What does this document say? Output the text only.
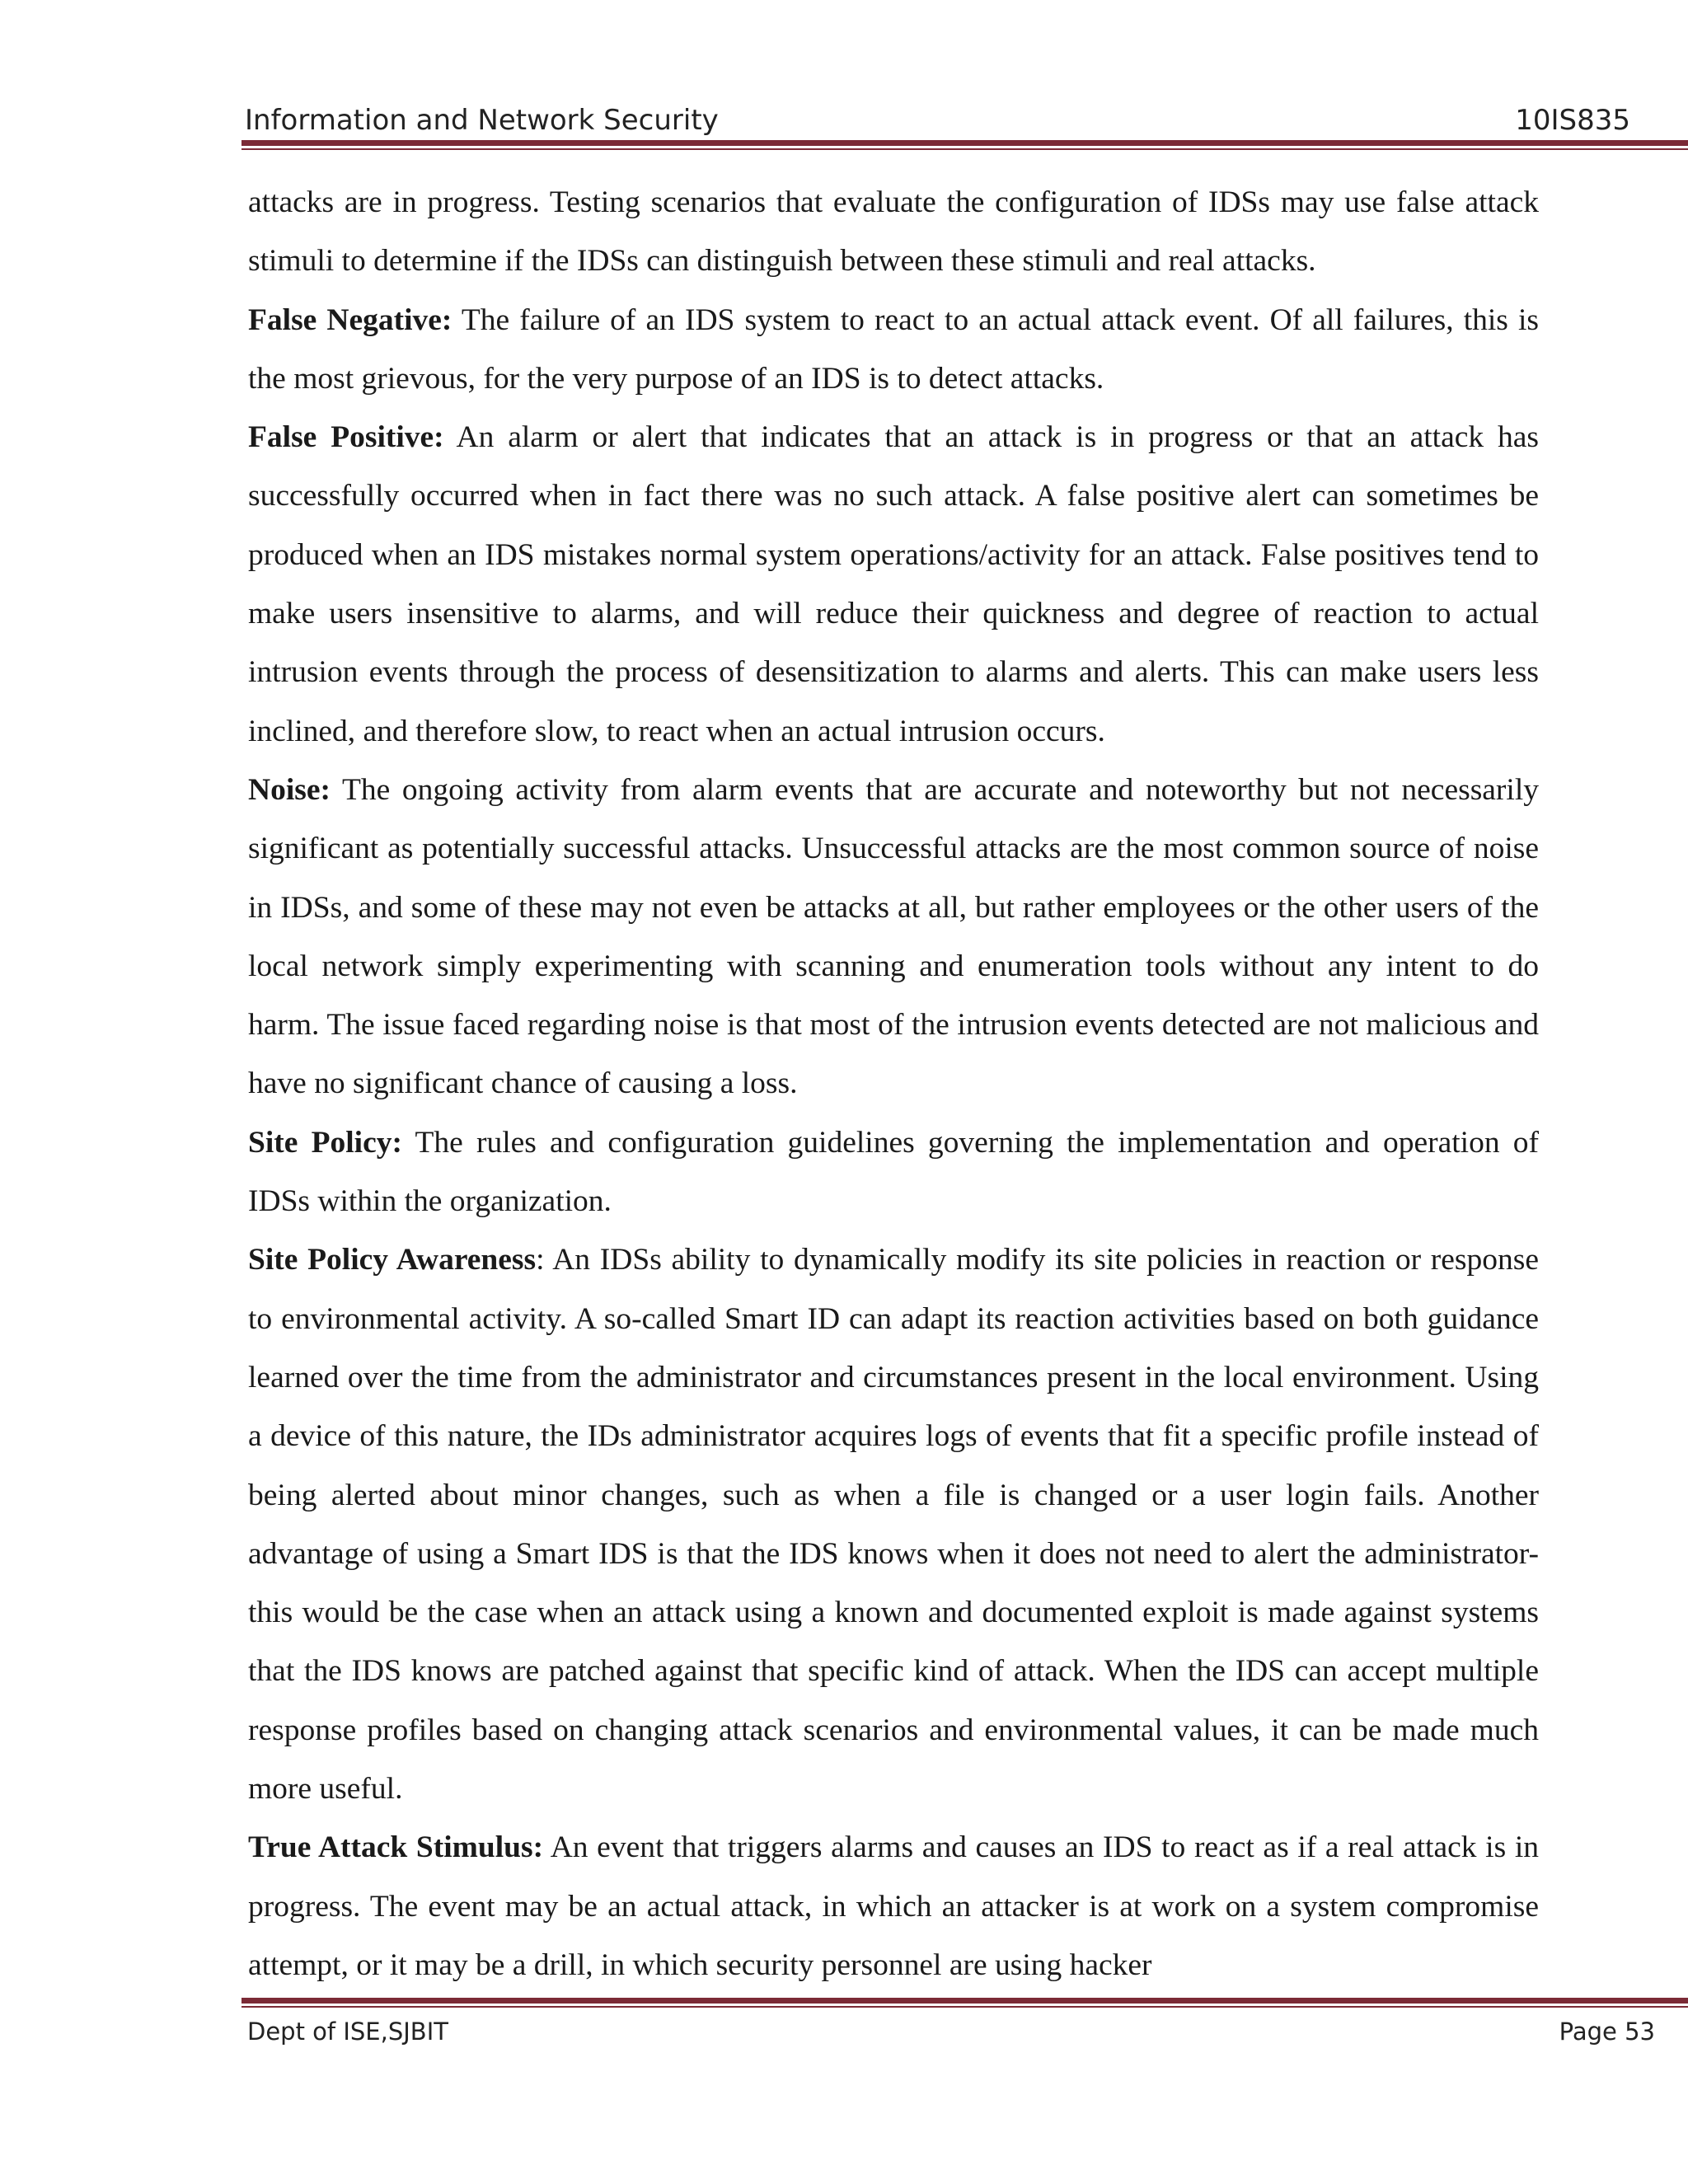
Information and Network Security	10IS835

attacks are in progress. Testing scenarios that evaluate the configuration of IDSs may use false attack stimuli to determine if the IDSs can distinguish between these stimuli and real attacks.

False Negative: The failure of an IDS system to react to an actual attack event. Of all failures, this is the most grievous, for the very purpose of an IDS is to detect attacks.

False Positive: An alarm or alert that indicates that an attack is in progress or that an attack has successfully occurred when in fact there was no such attack. A false positive alert can sometimes be produced when an IDS mistakes normal system operations/activity for an attack. False positives tend to make users insensitive to alarms, and will reduce their quickness and degree of reaction to actual intrusion events through the process of desensitization to alarms and alerts. This can make users less inclined, and therefore slow, to react when an actual intrusion occurs.

Noise: The ongoing activity from alarm events that are accurate and noteworthy but not necessarily significant as potentially successful attacks. Unsuccessful attacks are the most common source of noise in IDSs, and some of these may not even be attacks at all, but rather employees or the other users of the local network simply experimenting with scanning and enumeration tools without any intent to do harm. The issue faced regarding noise is that most of the intrusion events detected are not malicious and have no significant chance of causing a loss.

Site Policy: The rules and configuration guidelines governing the implementation and operation of IDSs within the organization.

Site Policy Awareness: An IDSs ability to dynamically modify its site policies in reaction or response to environmental activity. A so-called Smart ID can adapt its reaction activities based on both guidance learned over the time from the administrator and circumstances present in the local environment. Using a device of this nature, the IDs administrator acquires logs of events that fit a specific profile instead of being alerted about minor changes, such as when a file is changed or a user login fails. Another advantage of using a Smart IDS is that the IDS knows when it does not need to alert the administrator-this would be the case when an attack using a known and documented exploit is made against systems that the IDS knows are patched against that specific kind of attack. When the IDS can accept multiple response profiles based on changing attack scenarios and environmental values, it can be made much more useful.

True Attack Stimulus: An event that triggers alarms and causes an IDS to react as if a real attack is in progress. The event may be an actual attack, in which an attacker is at work on a system compromise attempt, or it may be a drill, in which security personnel are using hacker

Dept of ISE,SJBIT	Page 53
